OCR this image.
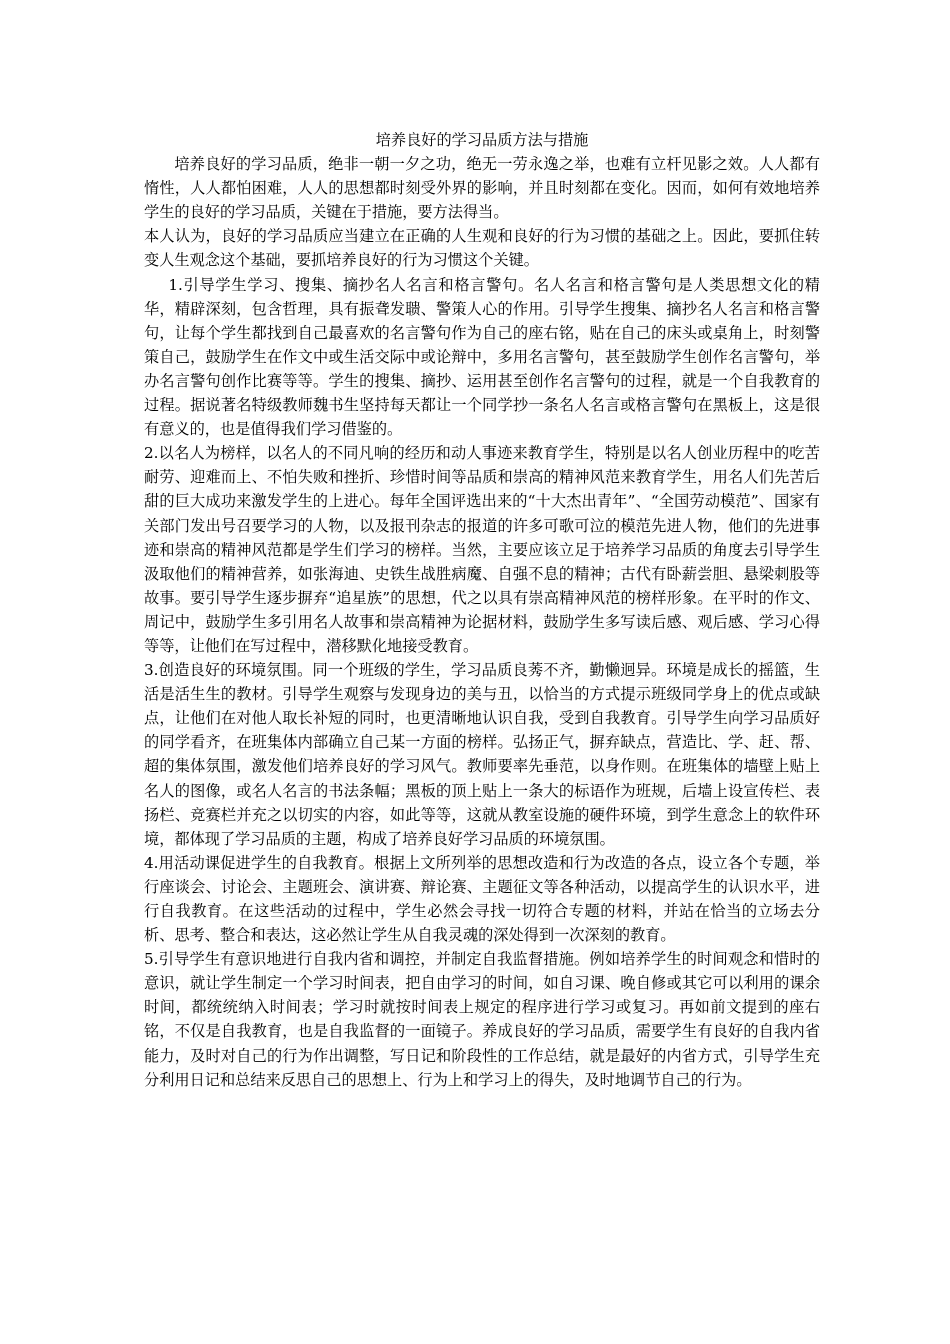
培养良好的学习品质方法与措施

培养良好的学习品质，绝非一朝一夕之功，绝无一劳永逸之举，也难有立杆见影之效。人人都有惰性，人人都怕困难，人人的思想都时刻受外界的影响，并且时刻都在变化。因而，如何有效地培养学生的良好的学习品质，关键在于措施，要方法得当。

本人认为，良好的学习品质应当建立在正确的人生观和良好的行为习惯的基础之上。因此，要抓住转变人生观念这个基础，要抓培养良好的行为习惯这个关键。

1.引导学生学习、搜集、摘抄名人名言和格言警句。名人名言和格言警句是人类思想文化的精华，精辟深刻，包含哲理，具有振聋发聩、警策人心的作用。引导学生搜集、摘抄名人名言和格言警句，让每个学生都找到自己最喜欢的名言警句作为自己的座右铭，贴在自己的床头或桌角上，时刻警策自己，鼓励学生在作文中或生活交际中或论辩中，多用名言警句，甚至鼓励学生创作名言警句，举办名言警句创作比赛等等。学生的搜集、摘抄、运用甚至创作名言警句的过程，就是一个自我教育的过程。据说著名特级教师魏书生坚持每天都让一个同学抄一条名人名言或格言警句在黑板上，这是很有意义的，也是值得我们学习借鉴的。

2.以名人为榜样，以名人的不同凡响的经历和动人事迹来教育学生，特别是以名人创业历程中的吃苦耐劳、迎难而上、不怕失败和挫折、珍惜时间等品质和崇高的精神风范来教育学生，用名人们先苦后甜的巨大成功来激发学生的上进心。每年全国评选出来的“十大杰出青年”、“全国劳动模范”、国家有关部门发出号召要学习的人物，以及报刊杂志的报道的许多可歌可泣的模范先进人物，他们的先进事迹和崇高的精神风范都是学生们学习的榜样。当然，主要应该立足于培养学习品质的角度去引导学生汲取他们的精神营养，如张海迪、史铁生战胜病魔、自强不息的精神；古代有卧薪尝胆、悬梁刺股等故事。要引导学生逐步摒弃“追星族”的思想，代之以具有崇高精神风范的榜样形象。在平时的作文、周记中，鼓励学生多引用名人故事和崇高精神为论据材料，鼓励学生多写读后感、观后感、学习心得等等，让他们在写过程中，潜移默化地接受教育。

3.创造良好的环境氛围。同一个班级的学生，学习品质良莠不齐，勤懒迥异。环境是成长的摇篮，生活是活生生的教材。引导学生观察与发现身边的美与丑，以恰当的方式提示班级同学身上的优点或缺点，让他们在对他人取长补短的同时，也更清晰地认识自我，受到自我教育。引导学生向学习品质好的同学看齐，在班集体内部确立自己某一方面的榜样。弘扬正气，摒弃缺点，营造比、学、赶、帮、超的集体氛围，激发他们培养良好的学习风气。教师要率先垂范，以身作则。在班集体的墙壁上贴上名人的图像，或名人名言的书法条幅；黑板的顶上贴上一条大的标语作为班规，后墙上设宣传栏、表扬栏、竞赛栏并充之以切实的内容，如此等等，这就从教室设施的硬件环境，到学生意念上的软件环境，都体现了学习品质的主题，构成了培养良好学习品质的环境氛围。

4.用活动课促进学生的自我教育。根据上文所列举的思想改造和行为改造的各点，设立各个专题，举行座谈会、讨论会、主题班会、演讲赛、辩论赛、主题征文等各种活动，以提高学生的认识水平，进行自我教育。在这些活动的过程中，学生必然会寻找一切符合专题的材料，并站在恰当的立场去分析、思考、整合和表达，这必然让学生从自我灵魂的深处得到一次深刻的教育。

5.引导学生有意识地进行自我内省和调控，并制定自我监督措施。例如培养学生的时间观念和惜时的意识，就让学生制定一个学习时间表，把自由学习的时间，如自习课、晚自修或其它可以利用的课余时间，都统统纳入时间表；学习时就按时间表上规定的程序进行学习或复习。再如前文提到的座右铭，不仅是自我教育，也是自我监督的一面镜子。养成良好的学习品质，需要学生有良好的自我内省能力，及时对自己的行为作出调整，写日记和阶段性的工作总结，就是最好的内省方式，引导学生充分利用日记和总结来反思自己的思想上、行为上和学习上的得失，及时地调节自己的行为。
